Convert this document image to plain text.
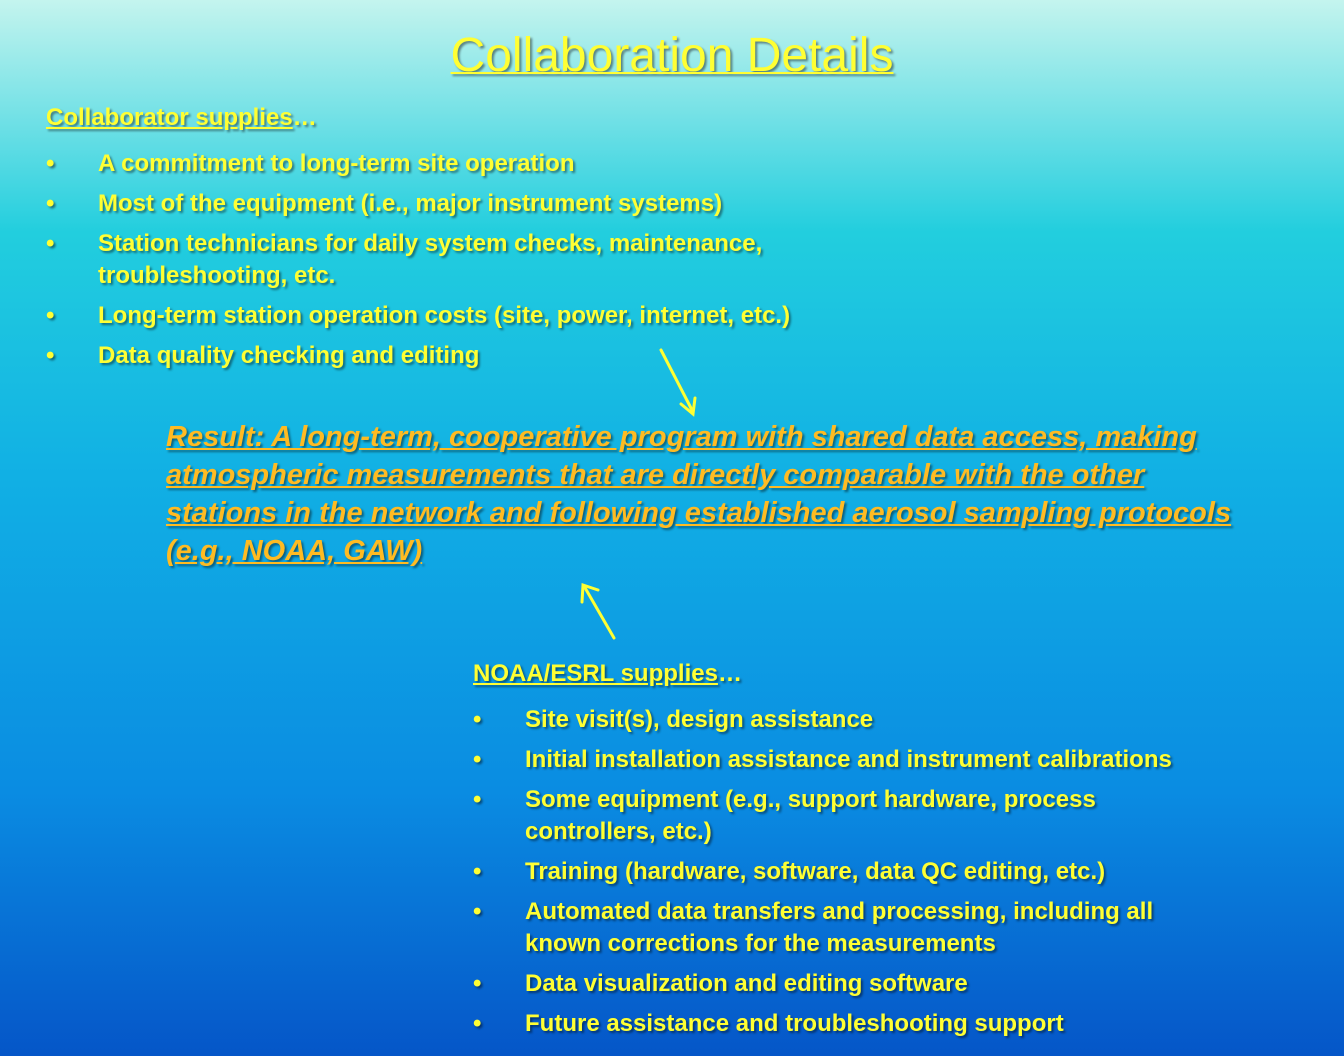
Collaboration Details
Collaborator supplies…
• A commitment to long-term site operation
• Most of the equipment (i.e., major instrument systems)
• Station technicians for daily system checks, maintenance, troubleshooting, etc.
• Long-term station operation costs (site, power, internet, etc.)
• Data quality checking and editing
Result: A long-term, cooperative program with shared data access, making atmospheric measurements that are directly comparable with the other stations in the network and following established aerosol sampling protocols (e.g., NOAA, GAW)
NOAA/ESRL supplies…
• Site visit(s), design assistance
• Initial installation assistance and instrument calibrations
• Some equipment (e.g., support hardware, process controllers, etc.)
• Training (hardware, software, data QC editing, etc.)
• Automated data transfers and processing, including all known corrections for the measurements
• Data visualization and editing software
• Future assistance and troubleshooting support
